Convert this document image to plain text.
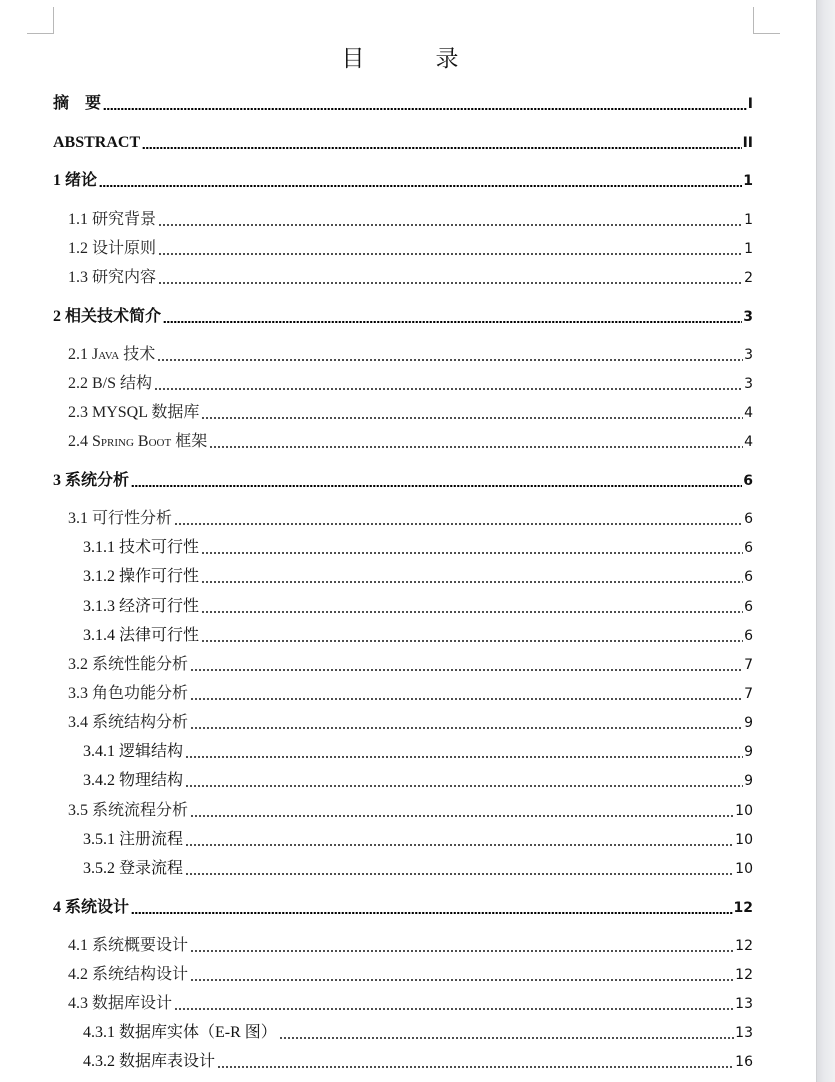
目　录
摘　要	I
ABSTRACT	II
1 绪论	1
1.1 研究背景	1
1.2 设计原则	1
1.3 研究内容	2
2 相关技术简介	3
2.1 Java 技术	3
2.2 B/S 结构	3
2.3 MYSQL 数据库	4
2.4 Spring Boot 框架	4
3 系统分析	6
3.1 可行性分析	6
3.1.1 技术可行性	6
3.1.2 操作可行性	6
3.1.3 经济可行性	6
3.1.4 法律可行性	6
3.2 系统性能分析	7
3.3 角色功能分析	7
3.4 系统结构分析	9
3.4.1 逻辑结构	9
3.4.2 物理结构	9
3.5 系统流程分析	10
3.5.1 注册流程	10
3.5.2 登录流程	10
4 系统设计	12
4.1 系统概要设计	12
4.2 系统结构设计	12
4.3 数据库设计	13
4.3.1 数据库实体（E-R 图）	13
4.3.2 数据库表设计	16
